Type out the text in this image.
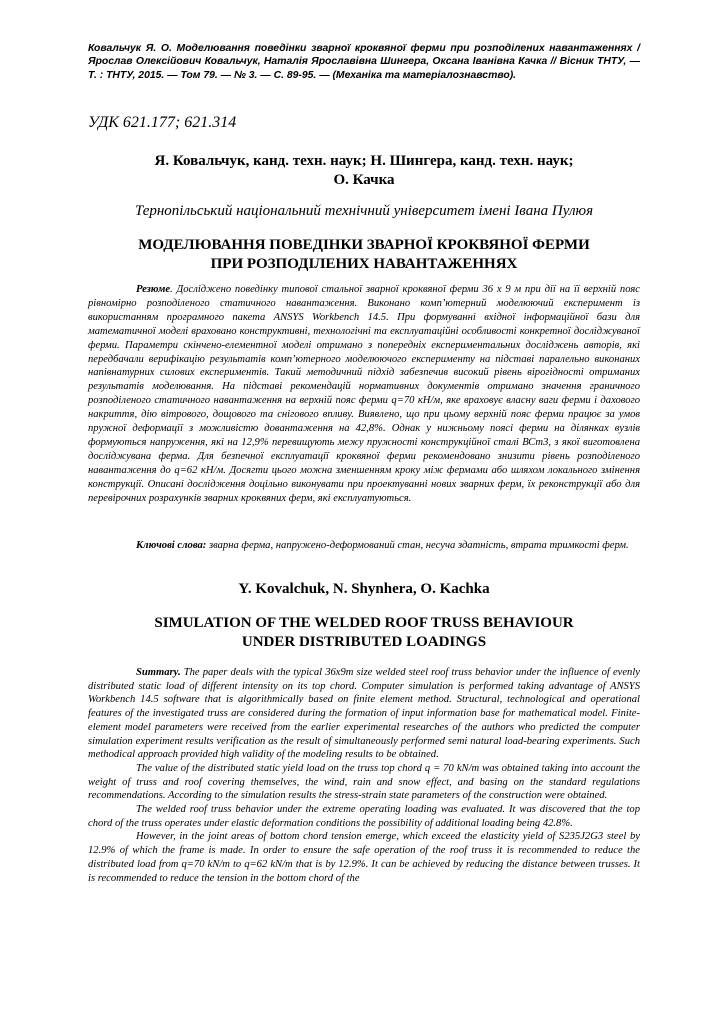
Ковальчук Я. О. Моделювання поведінки зварної кроквяної ферми при розподілених навантаженнях / Ярослав Олексійович Ковальчук, Наталія Ярославівна Шингера, Оксана Іванівна Качка // Вісник ТНТУ, — Т. : ТНТУ, 2015. — Том 79. — № 3. — С. 89-95. — (Механіка та матеріалознавство).
УДК 621.177; 621.314
Я. Ковальчук, канд. техн. наук; Н. Шингера, канд. техн. наук;
О. Качка
Тернопільський національний технічний університет імені Івана Пулюя
МОДЕЛЮВАННЯ ПОВЕДІНКИ ЗВАРНОЇ КРОКВЯНОЇ ФЕРМИ
ПРИ РОЗПОДІЛЕНИХ НАВАНТАЖЕННЯХ

Резюме. Досліджено поведінку типової стальної зварної кроквяної ферми 36 х 9 м при дії на її верхній пояс рівномірно розподіленого статичного навантаження. Виконано комп’ютерний моделюючий експеримент із використанням програмного пакета ANSYS Workbench 14.5. При формуванні вхідної інформаційної бази для математичної моделі враховано конструктивні, технологічні та експлуатаційні особливості конкретної досліджуваної ферми. Параметри скінчено-елементної моделі отримано з попередніх експериментальних досліджень авторів, які передбачали верифікацію результатів комп’ютерного моделюючого експерименту на підставі паралельно виконаних напівнатурних силових експериментів. Такий методичний підхід забезпечив високий рівень вірогідності отриманих результатів моделювання. На підставі рекомендацій нормативних документів отримано значення граничного розподіленого статичного навантаження на верхній пояс ферми q=70 кН/м, яке враховує власну ваги ферми і дахового накриття, дію вітрового, дощового та снігового впливу. Виявлено, що при цьому верхній пояс ферми працює за умов пружної деформації з можливістю довантаження на 42,8%. Однак у нижньому поясі ферми на ділянках вузлів формуються напруження, які на 12,9% перевищують межу пружності конструкційної сталі ВСт3, з якої виготовлена досліджувана ферма. Для безпечної експлуатації кроквяної ферми рекомендовано знизити рівень розподіленого навантаження до q=62 кН/м. Досягти цього можна зменшенням кроку між фермами або шляхом локального змінення конструкції. Описані дослідження доцільно виконувати при проектуванні нових зварних ферм, їх реконструкції або для перевірочних розрахунків зварних кроквяних ферм, які експлуатуються.

Ключові слова: зварна ферма, напружено-деформований стан, несуча здатність, втрата тримкості ферм.

Y. Kovalchuk, N. Shynhera, O. Kachka
SIMULATION OF THE WELDED ROOF TRUSS BEHAVIOUR
UNDER DISTRIBUTED LOADINGS

Summary. The paper deals with the typical 36x9m size welded steel roof truss behavior under the influence of evenly distributed static load of different intensity on its top chord. Computer simulation is performed taking advantage of ANSYS Workbench 14.5 software that is algorithmically based on finite element method. Structural, technological and operational features of the investigated truss are considered during the formation of input information base for mathematical model. Finite-element model parameters were received from the earlier experimental researches of the authors who predicted the computer simulation experiment results verification as the result of simultaneously performed semi natural load-bearing experiments. Such methodical approach provided high validity of the modeling results to be obtained.

The value of the distributed static yield load on the truss top chord q = 70 kN/m was obtained taking into account the weight of truss and roof covering themselves, the wind, rain and snow effect, and basing on the standard regulations recommendations. According to the simulation results the stress-strain state parameters of the construction were obtained.

The welded roof truss behavior under the extreme operating loading was evaluated. It was discovered that the top chord of the truss operates under elastic deformation conditions the possibility of additional loading being 42.8%.

However, in the joint areas of bottom chord tension emerge, which exceed the elasticity yield of S235J2G3 steel by 12.9% of which the frame is made. In order to ensure the safe operation of the roof truss it is recommended to reduce the distributed load from q=70 kN/m to q=62 kN/m that is by 12.9%. It can be achieved by reducing the distance between trusses. It is recommended to reduce the tension in the bottom chord of the
